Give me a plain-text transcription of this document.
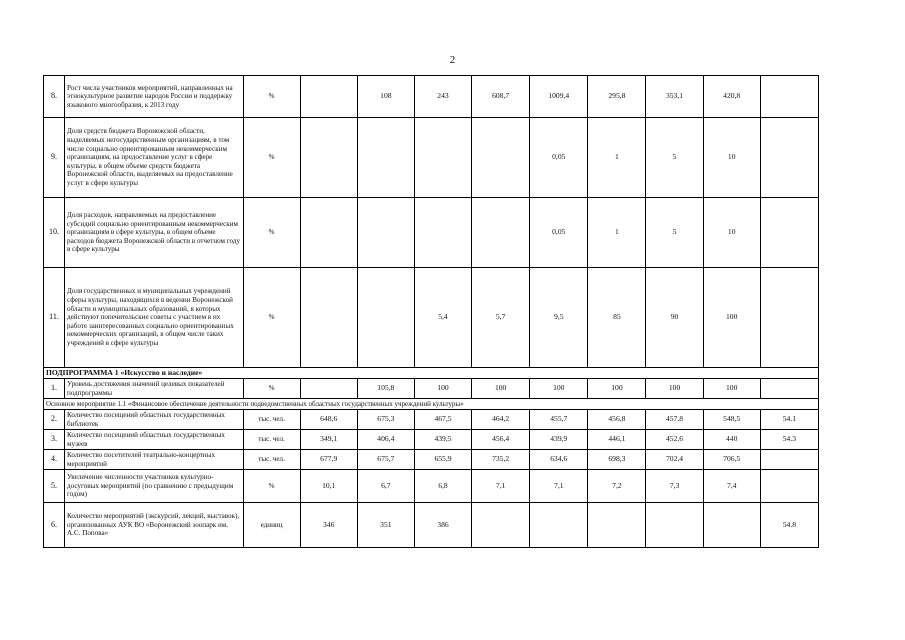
2
8.	Рост числа участников мероприятий, направленных на этнокультурное развитие народов России и поддержку языкового многообразия, к 2013 году	%		108	243	608,7	1009,4	295,8	353,1	420,8	
9.	Доля средств бюджета Воронежской области, выделяемых негосударственным организациям, в том числе социально ориентированным некоммерческим организациям, на предоставление услуг в сфере культуры, в общем объеме средств бюджета Воронежской области, выделяемых на предоставление услуг в сфере культуры	%					0,05	1	5	10	
10.	Доля расходов, направляемых на предоставление субсидий социально ориентированным некоммерческим организациям в сфере культуры, в общем объеме расходов бюджета Воронежской области в отчетном году в сфере культуры	%					0,05	1	5	10	
11.	Доля государственных и муниципальных учреждений сферы культуры, находящихся в ведении Воронежской области и муниципальных образований, в которых действуют попечительские советы с участием в их работе заинтересованных социально ориентированных некоммерческих организаций, в общем числе таких учреждений в сфере культуры	%			5,4	5,7	9,5	85	90	100	
ПОДПРОГРАММА 1 «Искусство и наследие»											
1.	Уровень достижения значений целевых показателей подпрограммы	%		105,8	100	100	100	100	100	100	
Основное мероприятие 1.1 «Финансовое обеспечение деятельности подведомственных областных государственных учреждений культуры»											
2.	Количество посещений областных государственных библиотек	тыс. чел.	648,6	675,3	467,5	464,2	455,7	456,8	457,8	548,5	54.1
3.	Количество посещений областных государственных музеев	тыс. чел.	349,1	406,4	439,5	456,4	439,9	446,1	452,6	440	54.3
4.	Количество посетителей театрально-концертных мероприятий	тыс. чел.	677,9	675,7	655,9	735,2	634,6	698,3	702,4	706,5	
5.	Увеличение численности участников культурно-досуговых мероприятий (по сравнению с предыдущим годом)	%	10,1	6,7	6,8	7,1	7,1	7,2	7,3	7,4	
6.	Количество мероприятий (экскурсий, лекций, выставок), организованных АУК ВО «Воронежский зоопарк им. А.С. Попова»	единиц	346	351	386						54.8
